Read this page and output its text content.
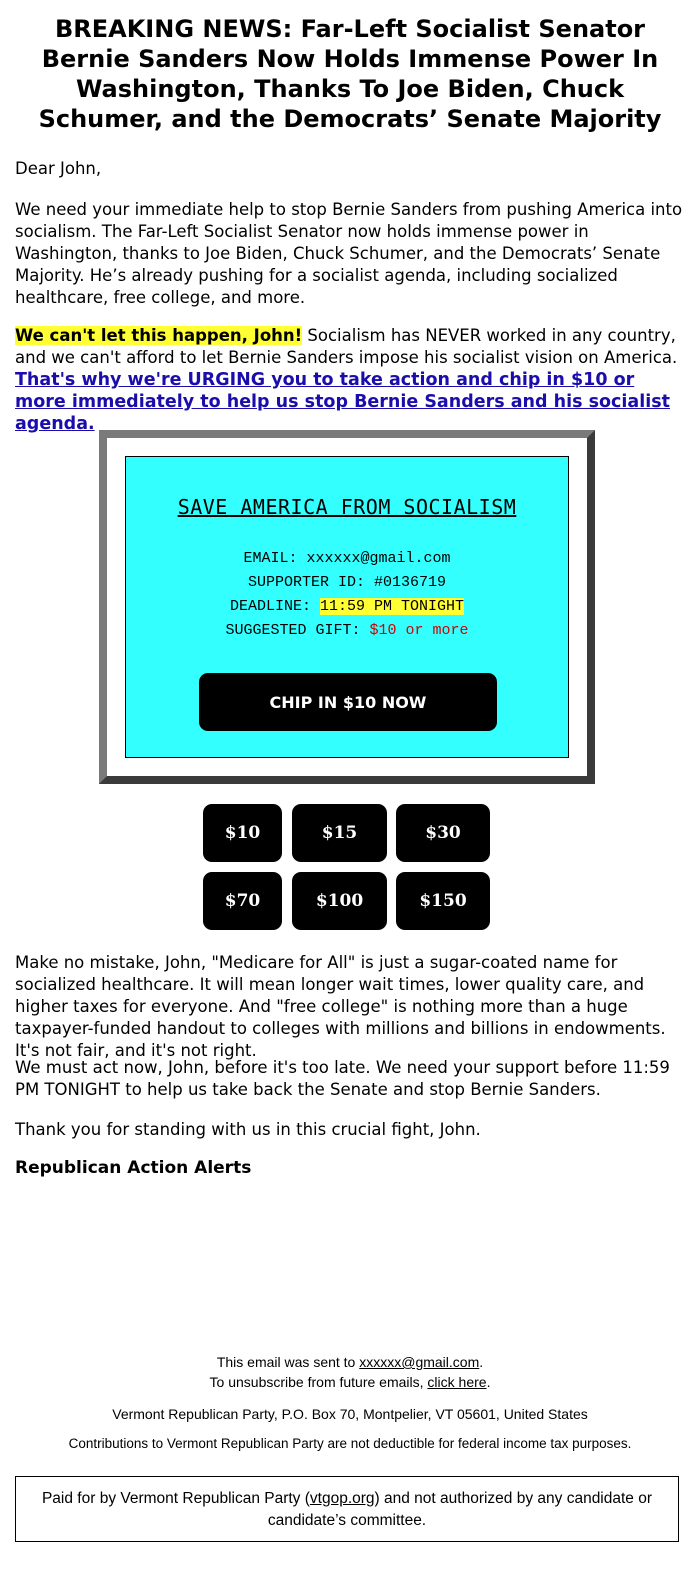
BREAKING NEWS: Far-Left Socialist Senator Bernie Sanders Now Holds Immense Power In Washington, Thanks To Joe Biden, Chuck Schumer, and the Democrats’ Senate Majority

Dear John,

We need your immediate help to stop Bernie Sanders from pushing America into socialism. The Far-Left Socialist Senator now holds immense power in Washington, thanks to Joe Biden, Chuck Schumer, and the Democrats’ Senate Majority. He’s already pushing for a socialist agenda, including socialized healthcare, free college, and more.

We can't let this happen, John! Socialism has NEVER worked in any country, and we can't afford to let Bernie Sanders impose his socialist vision on America. That's why we're URGING you to take action and chip in $10 or more immediately to help us stop Bernie Sanders and his socialist agenda.

SAVE AMERICA FROM SOCIALISM
EMAIL: xxxxxx@gmail.com
SUPPORTER ID: #0136719
DEADLINE: 11:59 PM TONIGHT
SUGGESTED GIFT: $10 or more
CHIP IN $10 NOW
$10	$15	$30
$70	$100	$150

Make no mistake, John, "Medicare for All" is just a sugar-coated name for socialized healthcare. It will mean longer wait times, lower quality care, and higher taxes for everyone. And "free college" is nothing more than a huge taxpayer-funded handout to colleges with millions and billions in endowments. It's not fair, and it's not right.

We must act now, John, before it's too late. We need your support before 11:59 PM TONIGHT to help us take back the Senate and stop Bernie Sanders.

Thank you for standing with us in this crucial fight, John.

Republican Action Alerts
This email was sent to xxxxxx@gmail.com.
To unsubscribe from future emails, click here.
Vermont Republican Party, P.O. Box 70, Montpelier, VT 05601, United States
Contributions to Vermont Republican Party are not deductible for federal income tax purposes.
Paid for by Vermont Republican Party (vtgop.org) and not authorized by any candidate or candidate’s committee.
